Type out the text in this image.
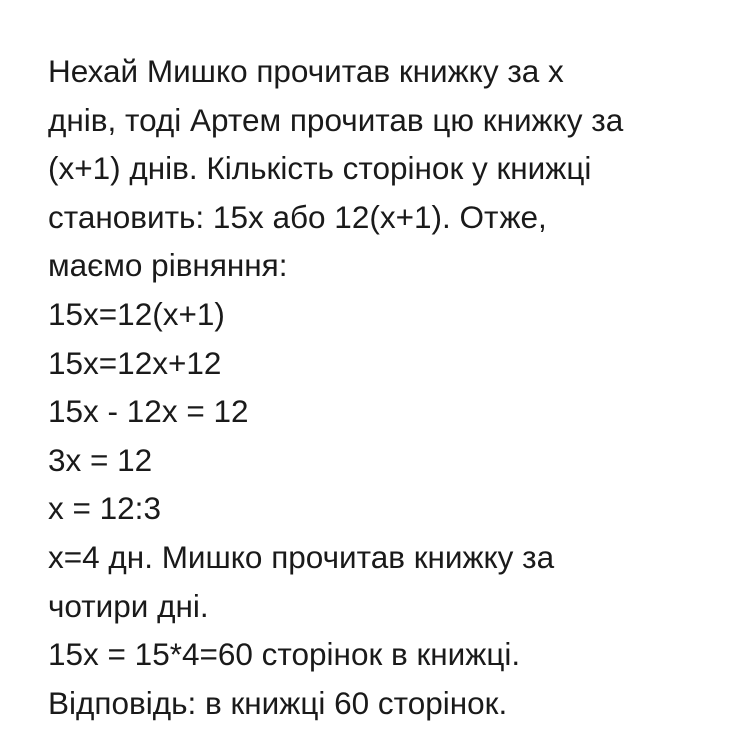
Нехай Мишко прочитав книжку за х
днів, тоді Артем прочитав цю книжку за
(х+1) днів. Кількість сторінок у книжці
становить: 15х або 12(х+1). Отже,
маємо рівняння:
15х=12(х+1)
15х=12х+12
15х - 12х = 12
3х = 12
х = 12:3
х=4 дн. Мишко прочитав книжку за
чотири дні.
15х = 15*4=60 сторінок в книжці.
Відповідь: в книжці 60 сторінок.
